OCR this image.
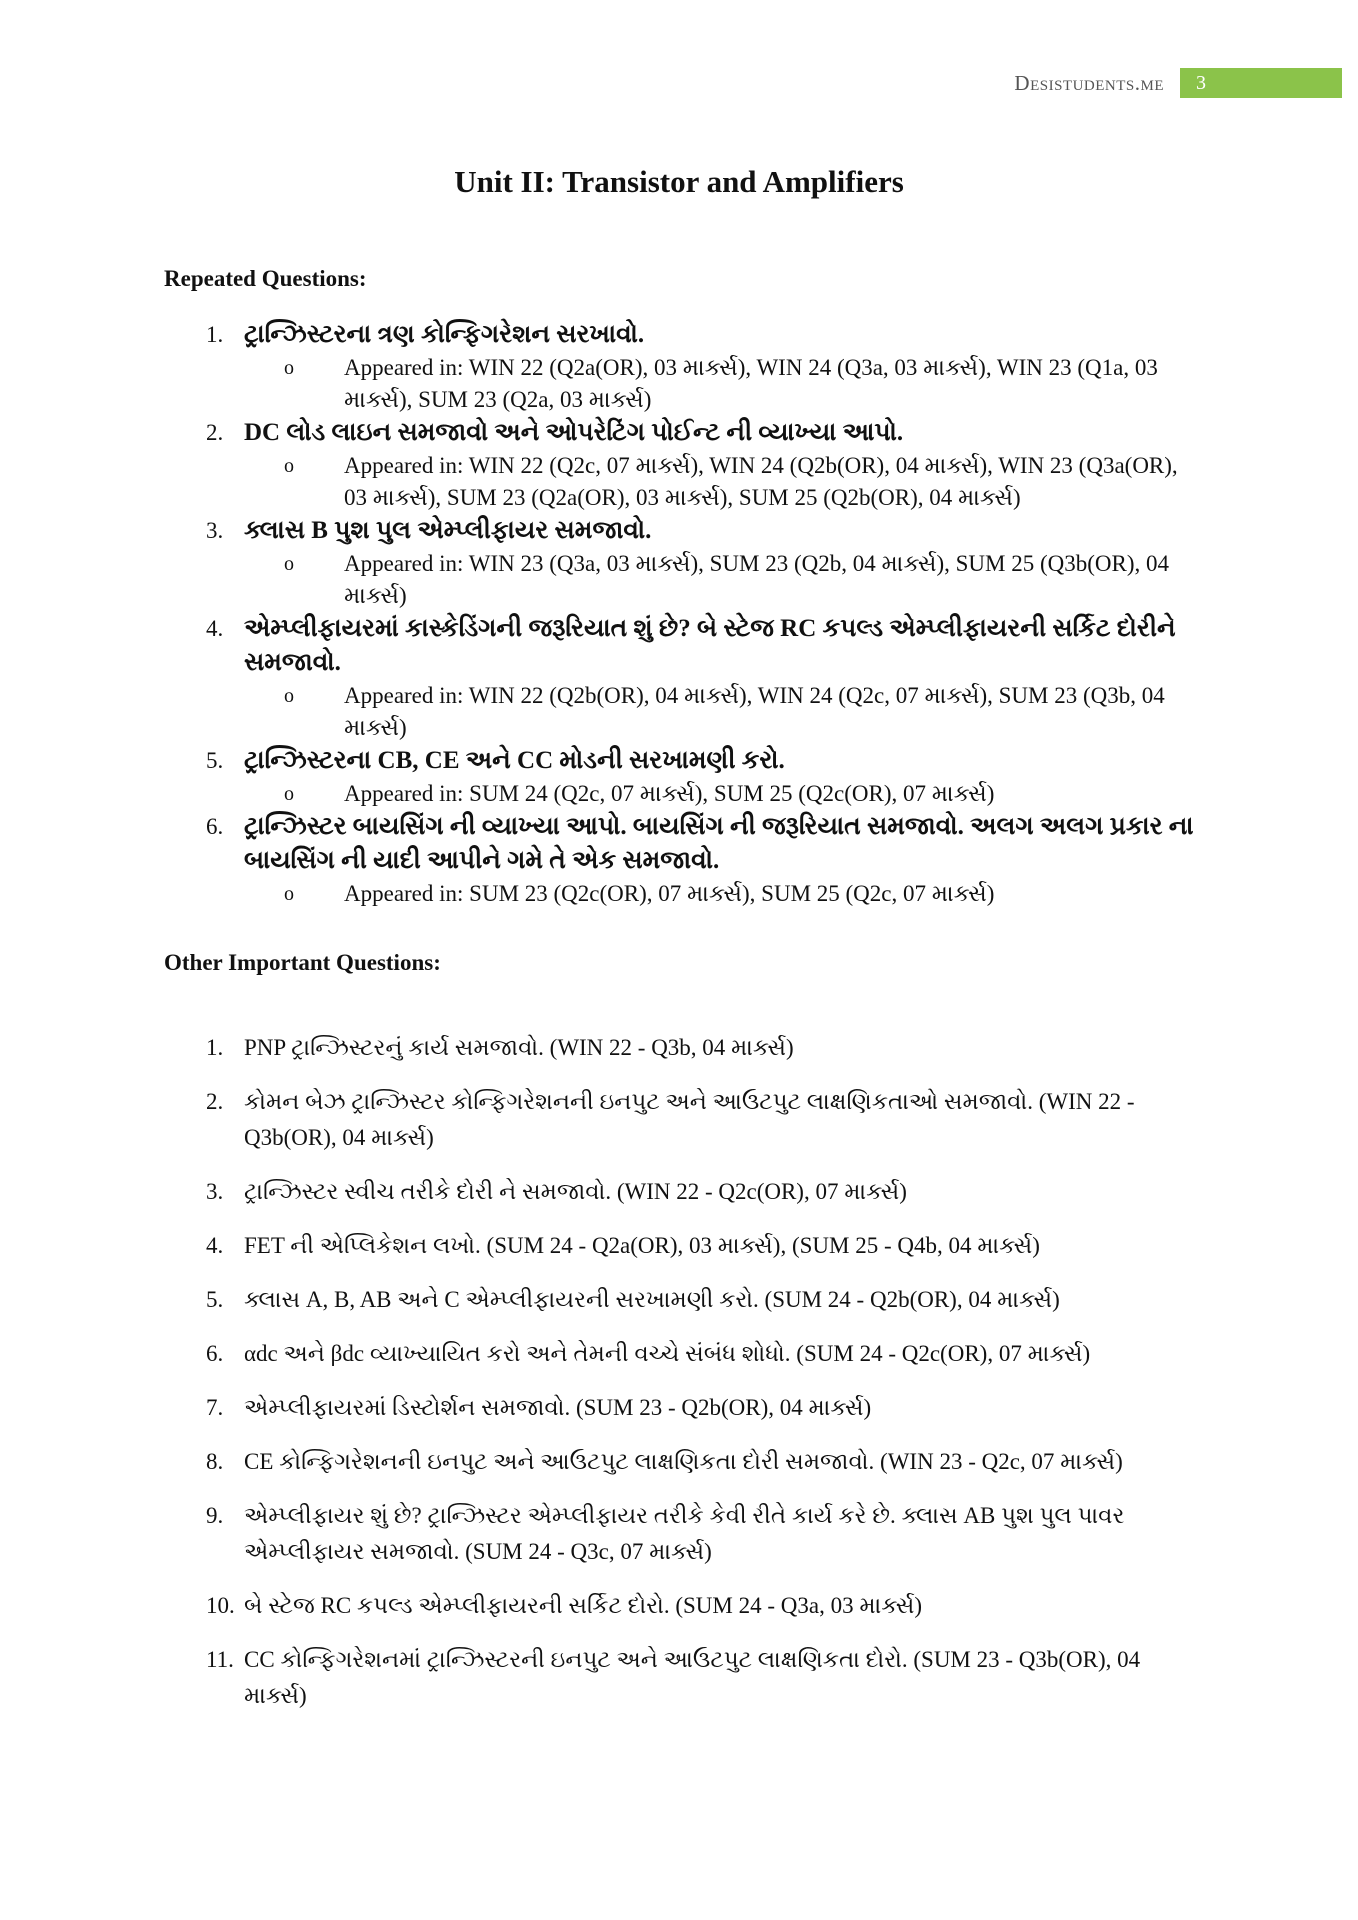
Desistudents.me	3
Unit II: Transistor and Amplifiers
Repeated Questions:
1. ટ્રાન્ઝિસ્ટરના ત્રણ કોન્ફિગરેશન સરખાવો.
o	Appeared in: WIN 22 (Q2a(OR), 03 માર્ક્સ), WIN 24 (Q3a, 03 માર્ક્સ), WIN 23 (Q1a, 03 માર્ક્સ), SUM 23 (Q2a, 03 માર્ક્સ)
2. DC લોડ લાઇન સમજાવો અને ઓપરેટિંગ પોઈન્ટ ની વ્યાખ્યા આપો.
o	Appeared in: WIN 22 (Q2c, 07 માર્ક્સ), WIN 24 (Q2b(OR), 04 માર્ક્સ), WIN 23 (Q3a(OR), 03 માર્ક્સ), SUM 23 (Q2a(OR), 03 માર્ક્સ), SUM 25 (Q2b(OR), 04 માર્ક્સ)
3. ક્લાસ B પુશ પુલ એમ્પ્લીફાયર સમજાવો.
o	Appeared in: WIN 23 (Q3a, 03 માર્ક્સ), SUM 23 (Q2b, 04 માર્ક્સ), SUM 25 (Q3b(OR), 04 માર્ક્સ)
4. એમ્પ્લીફાયરમાં કાસ્કેડિંગની જરૂરિયાત શું છે? બે સ્ટેજ RC કપલ્ડ એમ્પ્લીફાયરની સર્કિટ દોરીને સમજાવો.
o	Appeared in: WIN 22 (Q2b(OR), 04 માર્ક્સ), WIN 24 (Q2c, 07 માર્ક્સ), SUM 23 (Q3b, 04 માર્ક્સ)
5. ટ્રાન્ઝિસ્ટરના CB, CE અને CC મોડની સરખામણી કરો.
o	Appeared in: SUM 24 (Q2c, 07 માર્ક્સ), SUM 25 (Q2c(OR), 07 માર્ક્સ)
6. ટ્રાન્ઝિસ્ટર બાયસિંગ ની વ્યાખ્યા આપો. બાયસિંગ ની જરૂરિયાત સમજાવો. અલગ અલગ પ્રકાર ના બાયસિંગ ની યાદી આપીને ગમે તે એક સમજાવો.
o	Appeared in: SUM 23 (Q2c(OR), 07 માર્ક્સ), SUM 25 (Q2c, 07 માર્ક્સ)
Other Important Questions:
1. PNP ટ્રાન્ઝિસ્ટરનું કાર્ય સમજાવો. (WIN 22 - Q3b, 04 માર્ક્સ)
2. કોમન બેઝ ટ્રાન્ઝિસ્ટર કોન્ફિગરેશનની ઇનપુટ અને આઉટપુટ લાક્ષણિકતાઓ સમજાવો. (WIN 22 - Q3b(OR), 04 માર્ક્સ)
3. ટ્રાન્ઝિસ્ટર સ્વીચ તરીકે દોરી ને સમજાવો. (WIN 22 - Q2c(OR), 07 માર્ક્સ)
4. FET ની એપ્લિકેશન લખો. (SUM 24 - Q2a(OR), 03 માર્ક્સ), (SUM 25 - Q4b, 04 માર્ક્સ)
5. ક્લાસ A, B, AB અને C એમ્પ્લીફાયરની સરખામણી કરો. (SUM 24 - Q2b(OR), 04 માર્ક્સ)
6. αdc અને βdc વ્યાખ્યાયિત કરો અને તેમની વચ્ચે સંબંધ શોધો. (SUM 24 - Q2c(OR), 07 માર્ક્સ)
7. એમ્પ્લીફાયરમાં ડિસ્ટોર્શન સમજાવો. (SUM 23 - Q2b(OR), 04 માર્ક્સ)
8. CE કોન્ફિગરેશનની ઇનપુટ અને આઉટપુટ લાક્ષણિકતા દોરી સમજાવો. (WIN 23 - Q2c, 07 માર્ક્સ)
9. એમ્પ્લીફાયર શું છે? ટ્રાન્ઝિસ્ટર એમ્પ્લીફાયર તરીકે કેવી રીતે કાર્ય કરે છે. ક્લાસ AB પુશ પુલ પાવર એમ્પ્લીફાયર સમજાવો. (SUM 24 - Q3c, 07 માર્ક્સ)
10. બે સ્ટેજ RC કપલ્ડ એમ્પ્લીફાયરની સર્કિટ દોરો. (SUM 24 - Q3a, 03 માર્ક્સ)
11. CC કોન્ફિગરેશનમાં ટ્રાન્ઝિસ્ટરની ઇનપુટ અને આઉટપુટ લાક્ષણિકતા દોરો. (SUM 23 - Q3b(OR), 04 માર્ક્સ)
